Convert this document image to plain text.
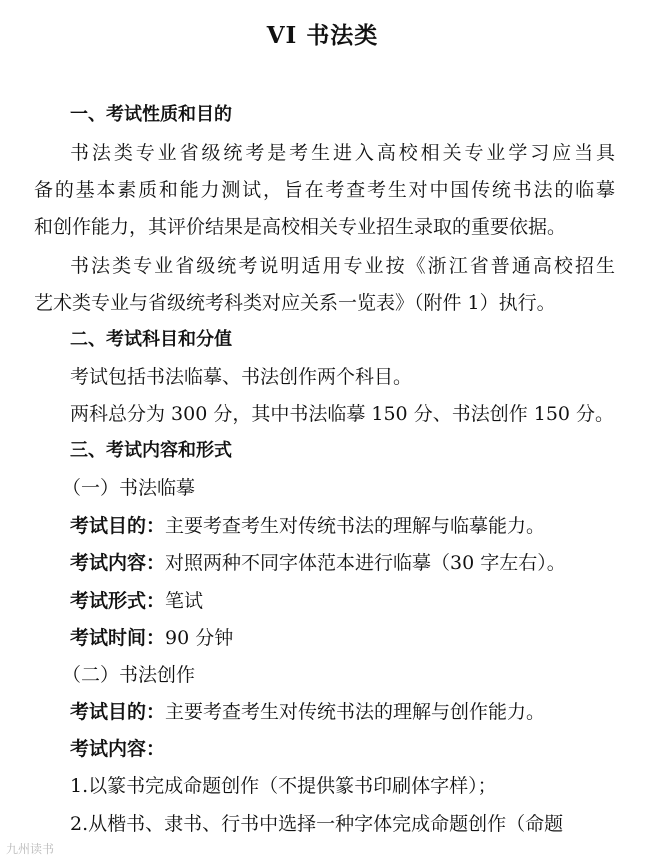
VI 书法类
一、考试性质和目的
书法类专业省级统考是考生进入高校相关专业学习应当具
备的基本素质和能力测试，旨在考查考生对中国传统书法的临摹
和创作能力，其评价结果是高校相关专业招生录取的重要依据。
书法类专业省级统考说明适用专业按《浙江省普通高校招生
艺术类专业与省级统考科类对应关系一览表》（附件 1）执行。
二、考试科目和分值
考试包括书法临摹、书法创作两个科目。
两科总分为 300 分，其中书法临摹 150 分、书法创作 150 分。
三、考试内容和形式
（一）书法临摹
考试目的：主要考查考生对传统书法的理解与临摹能力。
考试内容：对照两种不同字体范本进行临摹（30 字左右）。
考试形式：笔试
考试时间：90 分钟
（二）书法创作
考试目的：主要考查考生对传统书法的理解与创作能力。
考试内容：
1.以篆书完成命题创作（不提供篆书印刷体字样）；
2.从楷书、隶书、行书中选择一种字体完成命题创作（命题
九州读书
